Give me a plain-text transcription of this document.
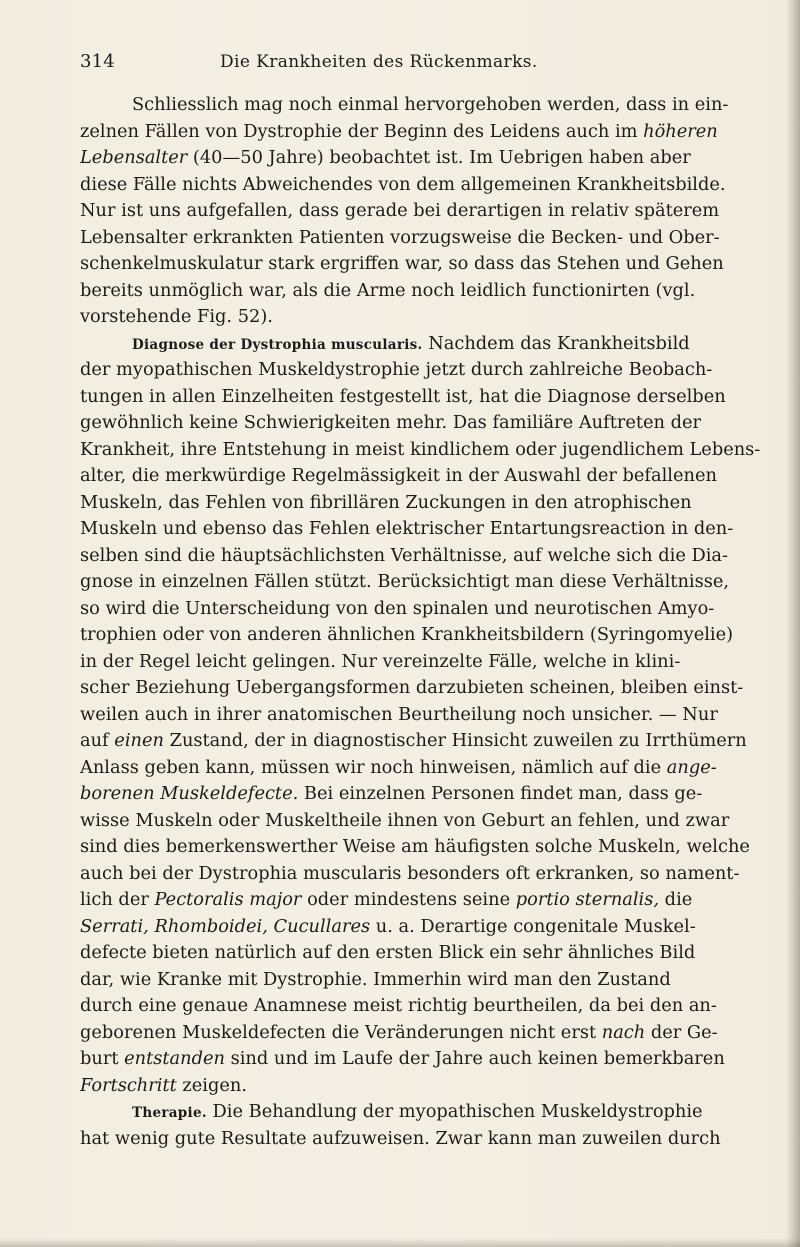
314	Die Krankheiten des Rückenmarks.
Schliesslich mag noch einmal hervorgehoben werden, dass in ein-
zelnen Fällen von Dystrophie der Beginn des Leidens auch im höheren
Lebensalter (40—50 Jahre) beobachtet ist. Im Uebrigen haben aber
diese Fälle nichts Abweichendes von dem allgemeinen Krankheitsbilde.
Nur ist uns aufgefallen, dass gerade bei derartigen in relativ späterem
Lebensalter erkrankten Patienten vorzugsweise die Becken- und Ober-
schenkelmuskulatur stark ergriffen war, so dass das Stehen und Gehen
bereits unmöglich war, als die Arme noch leidlich functionirten (vgl.
vorstehende Fig. 52).
Diagnose der Dystrophia muscularis. Nachdem das Krankheitsbild
der myopathischen Muskeldystrophie jetzt durch zahlreiche Beobach-
tungen in allen Einzelheiten festgestellt ist, hat die Diagnose derselben
gewöhnlich keine Schwierigkeiten mehr. Das familiäre Auftreten der
Krankheit, ihre Entstehung in meist kindlichem oder jugendlichem Lebens-
alter, die merkwürdige Regelmässigkeit in der Auswahl der befallenen
Muskeln, das Fehlen von fibrillären Zuckungen in den atrophischen
Muskeln und ebenso das Fehlen elektrischer Entartungsreaction in den-
selben sind die häuptsächlichsten Verhältnisse, auf welche sich die Dia-
gnose in einzelnen Fällen stützt. Berücksichtigt man diese Verhältnisse,
so wird die Unterscheidung von den spinalen und neurotischen Amyo-
trophien oder von anderen ähnlichen Krankheitsbildern (Syringomyelie)
in der Regel leicht gelingen. Nur vereinzelte Fälle, welche in klini-
scher Beziehung Uebergangsformen darzubieten scheinen, bleiben einst-
weilen auch in ihrer anatomischen Beurtheilung noch unsicher. — Nur
auf einen Zustand, der in diagnostischer Hinsicht zuweilen zu Irrthümern
Anlass geben kann, müssen wir noch hinweisen, nämlich auf die ange-
borenen Muskeldefecte. Bei einzelnen Personen findet man, dass ge-
wisse Muskeln oder Muskeltheile ihnen von Geburt an fehlen, und zwar
sind dies bemerkenswerther Weise am häufigsten solche Muskeln, welche
auch bei der Dystrophia muscularis besonders oft erkranken, so nament-
lich der Pectoralis major oder mindestens seine portio sternalis, die
Serrati, Rhomboidei, Cucullares u. a. Derartige congenitale Muskel-
defecte bieten natürlich auf den ersten Blick ein sehr ähnliches Bild
dar, wie Kranke mit Dystrophie. Immerhin wird man den Zustand
durch eine genaue Anamnese meist richtig beurtheilen, da bei den an-
geborenen Muskeldefecten die Veränderungen nicht erst nach der Ge-
burt entstanden sind und im Laufe der Jahre auch keinen bemerkbaren
Fortschritt zeigen.
Therapie. Die Behandlung der myopathischen Muskeldystrophie
hat wenig gute Resultate aufzuweisen. Zwar kann man zuweilen durch
